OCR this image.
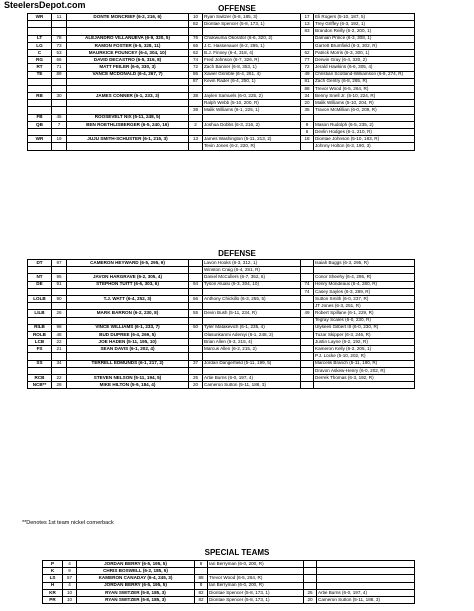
SteelersDepot.com	OFFENSE
WR	11	DONTE MONCRIEF (6-2, 216, 6)	10	Ryan Switzer (5-8, 185, 3)	17	Eli Rogers (5-10, 187, 5)
			82	Diontae Spencer (5-8, 173, 1)	13	Trey Griffey (6-3, 192, 1)
					83	Brandon Reilly (6-2, 200, 1)
LT	78	ALEJANDRO VILLANUEVA (6-9, 320, 5)	76	Chukwuma Okorafor (6-6, 320, 2)		Damian Prince (6-3, 308, 1)
LG	73	RAMON FOSTER (6-5, 328, 11)	66	J.C. Hassenauer (6-2, 295, 1)		Garrett Brumfield (6-3, 302, R)
C	53	MAURKICE POUNCEY (6-4, 304, 10)	62	B.J. Finney (6-4, 318, 4)	62	Patrick Morris (6-3, 300, 1)
RG	66	DAVID DECASTRO (6-5, 316, 8)	74	Fred Johnson (6-7, 326, R)	77	Derwin Gray (6-4, 320, 2)
RT	71	MATT FEILER (6-6, 330, 3)	72	Zach Banner (6-8, 353, 1)	72	Jerald Hawkins (6-6, 305, 4)
TE	89	VANCE MCDONALD (6-4, 267, 7)	86	Xavier Grimble (6-4, 261, 4)	49	Christian Scotland-Williamson (6-9, 274, R)
			87	Kevin Rader (6-4, 250, 1)	81	Zach Gentry (6-8, 265, R)
					88	Trevor Wood (6-5, 264, R)
RB	30	JAMES CONNER (6-1, 233, 3)	38	Jaylen Samuels (6-0, 225, 2)	34	Benny Snell Jr. (5-10, 224, R)
				Ralph Webb (5-10, 200, R)	20	Malik Williams (5-10, 204, R)
			39	Malik Williams (6-1, 225, 1)	35	Travon McMillian (6-0, 209, R)
FB	45	ROOSEVELT NIX (5-11, 248, 5)				
QB	7	BEN ROETHLISBERGER (6-5, 240, 16)	2	Joshua Dobbs (6-3, 216, 2)	9	Mason Rudolph (6-5, 235, 2)
					6	Devlin Hodges (6-1, 210, R)
WR	19	JUJU SMITH-SCHUSTER (6-1, 215, 3)	13	James Washington (5-11, 213, 2)	18	Diontae Johnson (5-10, 183, R)
				Tevin Jones (6-2, 220, R)		Johnny Holton (6-3, 190, 3)
DEFENSE
DT	97	CAMERON HEYWARD (6-5, 295, 9)		Lavon Hooks (6-3, 312, 1)		Isaiah Buggs (6-3, 295, R)
				Winston Craig (6-4, 291, R)		
NT	95	JAVON HARGRAVE (6-2, 305, 4)		Daniel McCullers (6-7, 352, 6)		Conor Sheehy (6-4, 295, R)
DE	91	STEPHON TUITT (6-6, 303, 6)	94	Tyson Alualu (6-3, 304, 10)	74	Henry Mondeaux (6-4, 280, R)
					74	Casey Sayles (6-3, 289, R)
LOLB	90	T.J. WATT (6-4, 252, 3)	56	Anthony Chickillo (6-3, 255, 5)		Sutton Smith (6-0, 237, R)
						JT Jones (6-3, 251, R)
LILB	26	MARK BARRON (6-2, 230, 8)	55	Devin Bush (5-11, 234, R)	49	Robert Spillane (6-1, 229, R)
						Tegray Scales (6-0, 230, R)
RILB	98	VINCE WILLIAMS (6-1, 233, 7)	50	Tyler Matakevich (6-1, 235, 4)		Ulysees Gilbert III (6-0, 230, R)
ROLB	48	BUD DUPREE (6-4, 269, 5)		Olasunkanmi Adeniyi (6-1, 248, 2)		Tuzar Skipper (6-3, 246, R)
LCB	22	JOE HADEN (5-11, 195, 10)		Brian Allen (6-3, 215, 4)		Justin Layne (6-2, 192, R)
FS	21	SEAN DAVIS (6-1, 202, 4)		Marcus Allen (6-2, 215, 2)		Kameron Kelly (6-2, 205, 1)
						P.J. Locke (5-10, 202, R)
SS	34	TERRELL EDMUNDS (6-1, 217, 2)	37	Jordan Dangerfield (5-11, 199, 5)		Marcelis Branch (5-11, 190, R)
						Dravon Askew-Henry (6-0, 202, R)
RCB	22	STEVEN NELSON (5-11, 194, 5)	25	Artie Burns (6-0, 197, 4)		Derrek Thomas (6-3, 192, R)
NCB**	28	MIKE HILTON (5-9, 184, 4)	20	Cameron Sutton (5-11, 188, 3)		
**Denotes 1st team nickel cornerback
SPECIAL TEAMS
P	4	JORDAN BERRY (6-5, 195, 5)	8	Ian Berryman (6-0, 200, R)		
K	9	CHRIS BOSWELL (6-2, 185, 5)				
LS	57	KAMERON CANADAY (6-4, 245, 3)	88	Trevor Wood (6-5, 264, R)		
H	4	JORDAN BERRY (6-5, 195, 5)	8	Ian Berryman (6-0, 200, R)		
KR	10	RYAN SWITZER (5-8, 185, 3)	82	Diontae Spencer (5-8, 173, 1)	25	Artie Burns (6-0, 197, 4)
PR	10	RYAN SWITZER (5-8, 185, 3)	82	Diontae Spencer (5-8, 173, 1)	20	Cameron Sutton (5-11, 188, 3)
